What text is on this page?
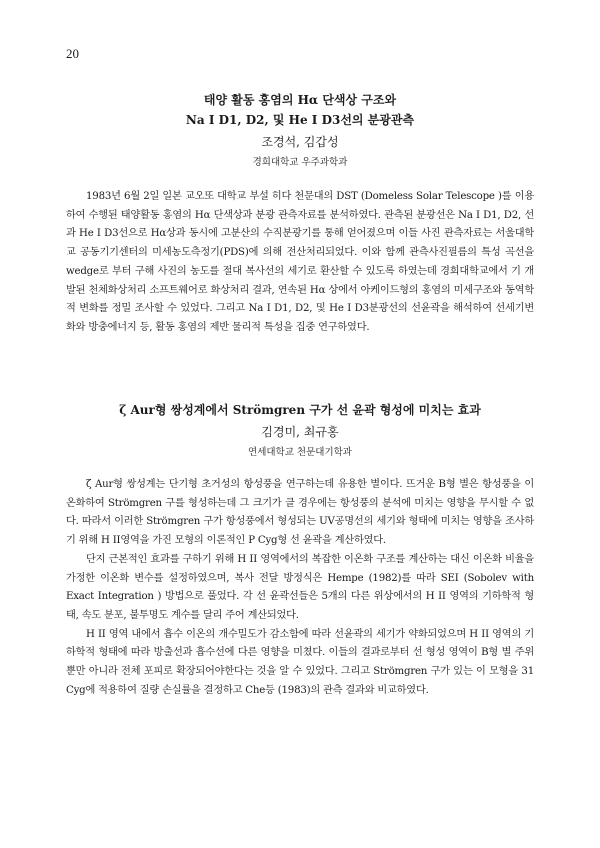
20
태양 활동 홍염의 Hα 단색상 구조와
Na I D1, D2, 및 He I D3선의 분광관측
조경석, 김갑성
경희대학교 우주과학과

1983년 6월 2일 일본 교오또 대학교 부설 히다 천문대의 DST (Domeless Solar Telescope )를 이용하여 수행된 태양활동 홍염의 Hα 단색상과 분광 관측자료를 분석하였다. 관측된 분광선은 Na I D1, D2, 선과 He I D3선으로 Hα상과 동시에 고분산의 수직분광기를 통해 얻어졌으며 이들 사진 관측자료는 서울대학교 공동기기센터의 미세농도측정기(PDS)에 의해 전산처리되었다. 이와 함께 관측사진필름의 특성 곡선을 wedge로 부터 구해 사진의 농도를 절대 복사선의 세기로 환산할 수 있도록 하였는데 경희대학교에서 기 개발된 천체화상처리 소프트웨어로 화상처리 결과, 연속된 Hα 상에서 아케이드형의 홍염의 미세구조와 동역학적 변화를 정밀 조사할 수 있었다. 그리고 Na I D1, D2, 및 He I D3분광선의 선윤곽을 해석하여 선세기변화와 방충에너지 등, 활동 홍염의 제반 물리적 특성을 집중 연구하였다.

ζ Aur형 쌍성계에서 Strömgren 구가 선 윤곽 형성에 미치는 효과
김경미, 최규홍
연세대학교 천문대기학과

ζ Aur형 쌍성계는 단기형 초거성의 항성풍을 연구하는데 유용한 별이다. 뜨거운 B형 별은 항성풍을 이온화하여 Strömgren 구를 형성하는데 그 크기가 클 경우에는 항성풍의 분석에 미치는 영향을 무시할 수 없다. 따라서 이러한 Strömgren 구가 항성풍에서 형성되는 UV공명선의 세기와 형태에 미치는 영향을 조사하기 위해 H II영역을 가진 모형의 이론적인 P Cyg형 선 윤곽을 계산하였다.

단지 근본적인 효과를 구하기 위해 H II 영역에서의 복잡한 이온화 구조를 계산하는 대신 이온화 비율을 가정한 이온화 변수를 설정하였으며, 복사 전달 방정식은 Hempe (1982)를 따라 SEI (Sobolev with Exact Integration ) 방법으로 풀었다. 각 선 윤곽선들은 5개의 다른 위상에서의 H II 영역의 기하학적 형태, 속도 분포, 불투명도 계수를 달리 주어 계산되었다.

H II 영역 내에서 흡수 이온의 개수밀도가 감소함에 따라 선윤곽의 세기가 약화되었으며 H II 영역의 기하학적 형태에 따라 방출선과 흡수선에 다른 영향을 미쳤다. 이들의 결과로부터 선 형성 영역이 B형 별 주위뿐만 아니라 전체 포피로 확장되어야한다는 것을 알 수 있었다. 그리고 Strömgren 구가 있는 이 모형을 31 Cyg에 적용하여 질량 손실률을 결정하고 Che등 (1983)의 관측 결과와 비교하였다.
